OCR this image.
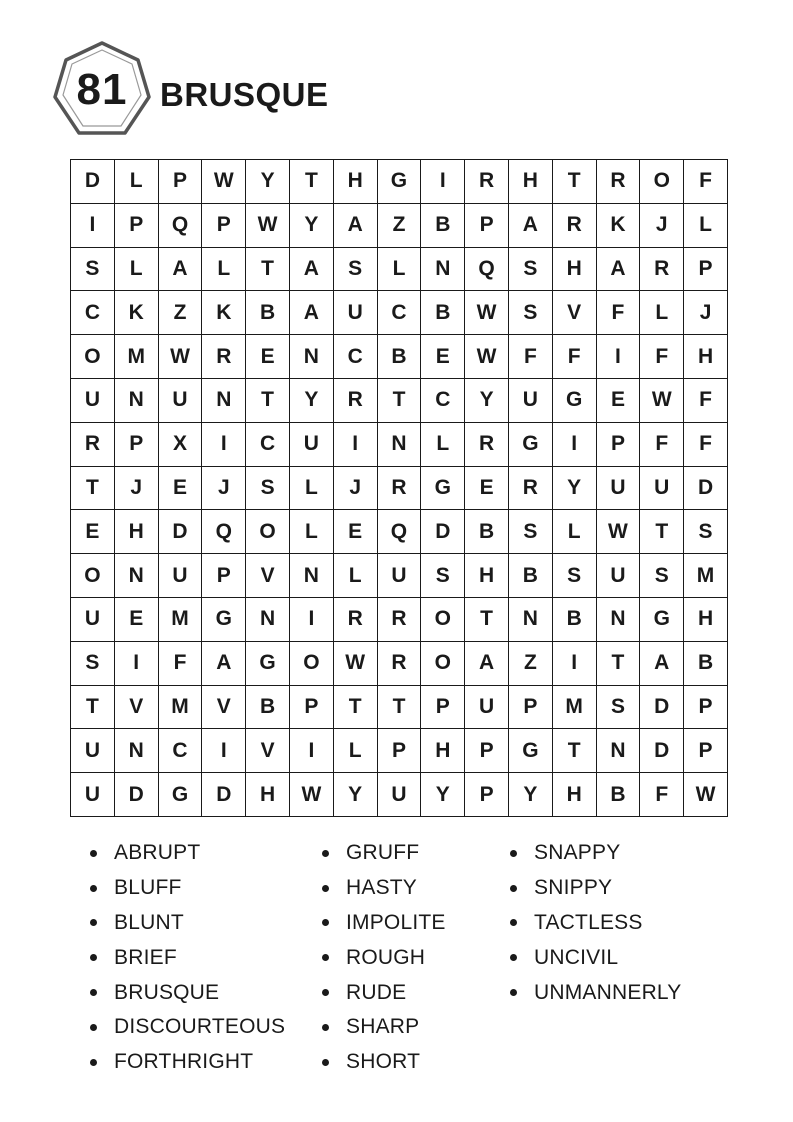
81 BRUSQUE
D	L	P	W	Y	T	H	G	I	R	H	T	R	O	F
I	P	Q	P	W	Y	A	Z	B	P	A	R	K	J	L
S	L	A	L	T	A	S	L	N	Q	S	H	A	R	P
C	K	Z	K	B	A	U	C	B	W	S	V	F	L	J
O	M	W	R	E	N	C	B	E	W	F	F	I	F	H
U	N	U	N	T	Y	R	T	C	Y	U	G	E	W	F
R	P	X	I	C	U	I	N	L	R	G	I	P	F	F
T	J	E	J	S	L	J	R	G	E	R	Y	U	U	D
E	H	D	Q	O	L	E	Q	D	B	S	L	W	T	S
O	N	U	P	V	N	L	U	S	H	B	S	U	S	M
U	E	M	G	N	I	R	R	O	T	N	B	N	G	H
S	I	F	A	G	O	W	R	O	A	Z	I	T	A	B
T	V	M	V	B	P	T	T	P	U	P	M	S	D	P
U	N	C	I	V	I	L	P	H	P	G	T	N	D	P
U	D	G	D	H	W	Y	U	Y	P	Y	H	B	F	W
ABRUPT
BLUFF
BLUNT
BRIEF
BRUSQUE
DISCOURTEOUS
FORTHRIGHT
GRUFF
HASTY
IMPOLITE
ROUGH
RUDE
SHARP
SHORT
SNAPPY
SNIPPY
TACTLESS
UNCIVIL
UNMANNERLY
